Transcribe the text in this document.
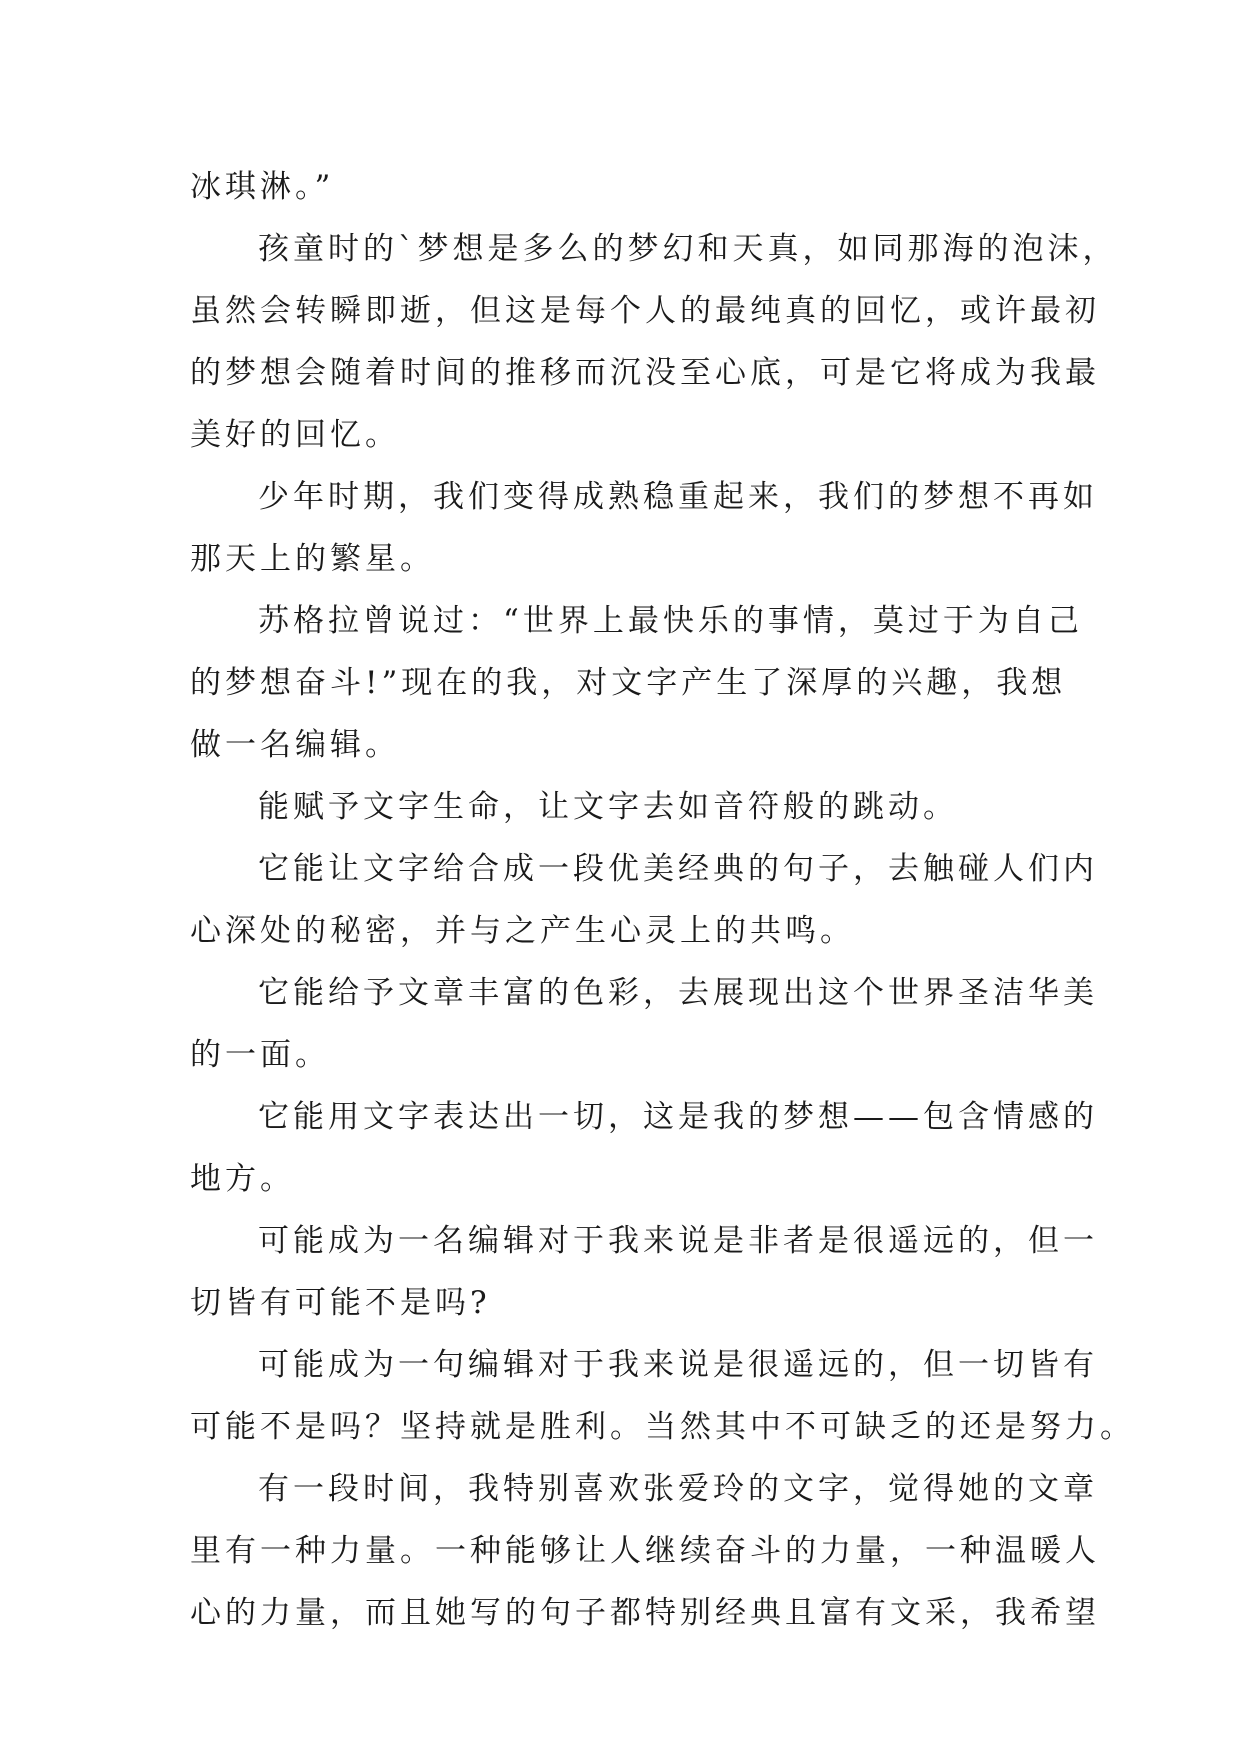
冰琪淋。”
孩童时的`梦想是多么的梦幻和天真，如同那海的泡沫，
虽然会转瞬即逝，但这是每个人的最纯真的回忆，或许最初
的梦想会随着时间的推移而沉没至心底，可是它将成为我最
美好的回忆。
少年时期，我们变得成熟稳重起来，我们的梦想不再如
那天上的繁星。
苏格拉曾说过：“世界上最快乐的事情，莫过于为自己
的梦想奋斗!”现在的我，对文字产生了深厚的兴趣，我想
做一名编辑。
能赋予文字生命，让文字去如音符般的跳动。
它能让文字给合成一段优美经典的句子，去触碰人们内
心深处的秘密，并与之产生心灵上的共鸣。
它能给予文章丰富的色彩，去展现出这个世界圣洁华美
的一面。
它能用文字表达出一切，这是我的梦想——包含情感的
地方。
可能成为一名编辑对于我来说是非者是很遥远的，但一
切皆有可能不是吗?
可能成为一句编辑对于我来说是很遥远的，但一切皆有
可能不是吗？坚持就是胜利。当然其中不可缺乏的还是努力。
有一段时间，我特别喜欢张爱玲的文字，觉得她的文章
里有一种力量。一种能够让人继续奋斗的力量，一种温暖人
心的力量，而且她写的句子都特别经典且富有文采，我希望
